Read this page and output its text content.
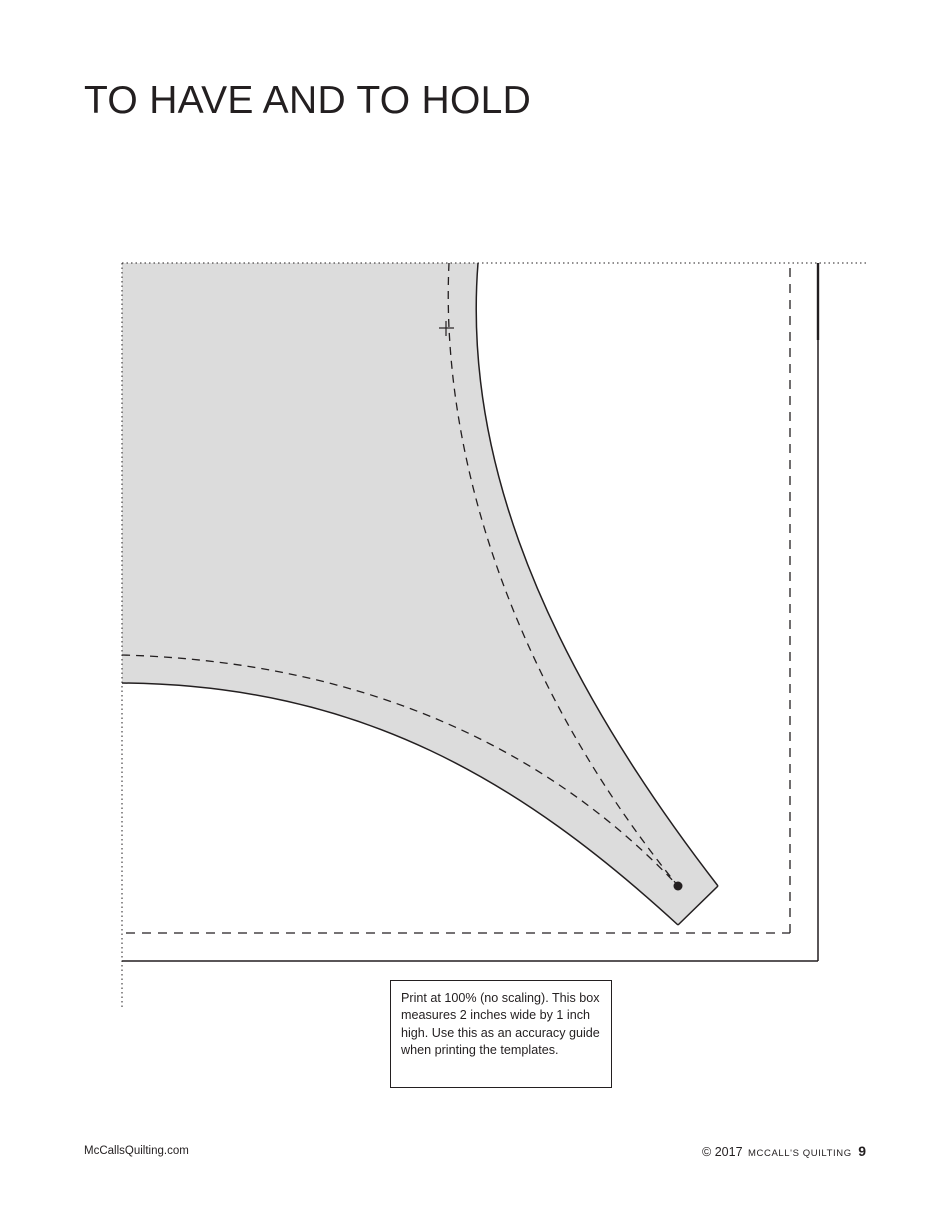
TO HAVE AND TO HOLD
Print at 100% (no scaling). This box measures 2 inches wide by 1 inch high. Use this as an accuracy guide when printing the templates.
McCallsQuilting.com	© 2017 MCCALL'S QUILTING 9
